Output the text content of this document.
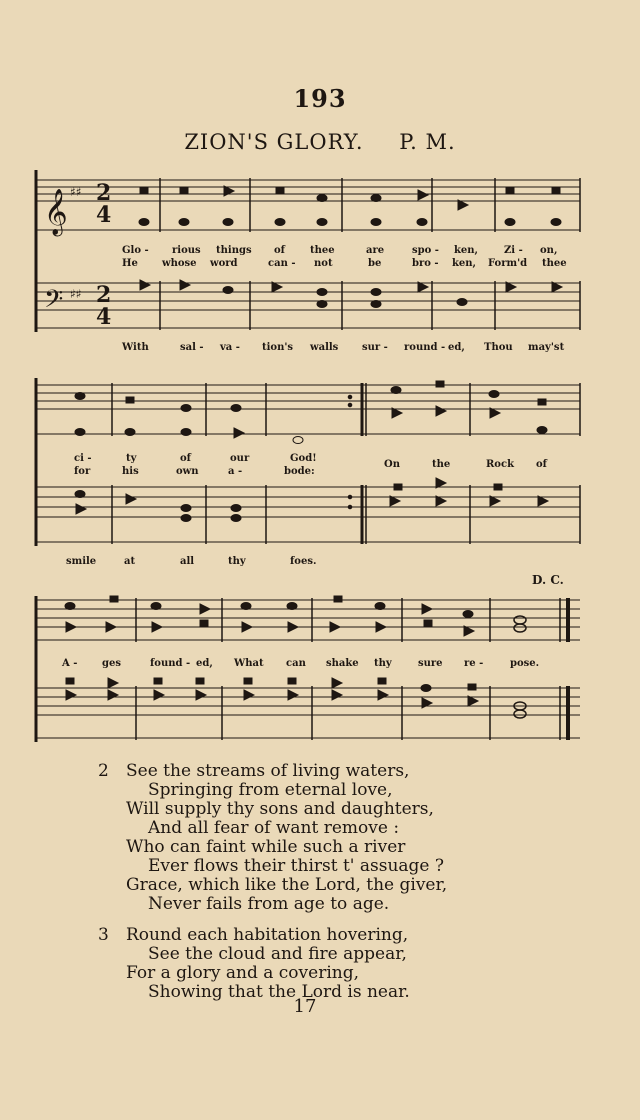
193
ZION'S GLORY. P. M.
𝄞 ♯♯ 2
4
𝄢 ♯♯ 2
4
Glo - rious things of	thee	are	spo - ken,	Zi - on,
He whose word	can - not	be	bro - ken, Form'd thee
With	sal - va - tion's walls sur - round - ed, Thou may'st
ci -	ty	of	our	God!
On	the	Rock of
for	his	own	a -	bode:
smile	at	all	thy	foes.
D. C.
A - ges	found - ed, What can shake thy	sure re -	pose.
2 See the streams of living waters,
Springing from eternal love,
Will supply thy sons and daughters,
And all fear of want remove :
Who can faint while such a river
Ever flows their thirst t' assuage ?
Grace, which like the Lord, the giver,
Never fails from age to age.
3 Round each habitation hovering,
See the cloud and fire appear,
For a glory and a covering,
Showing that the Lord is near.
17
